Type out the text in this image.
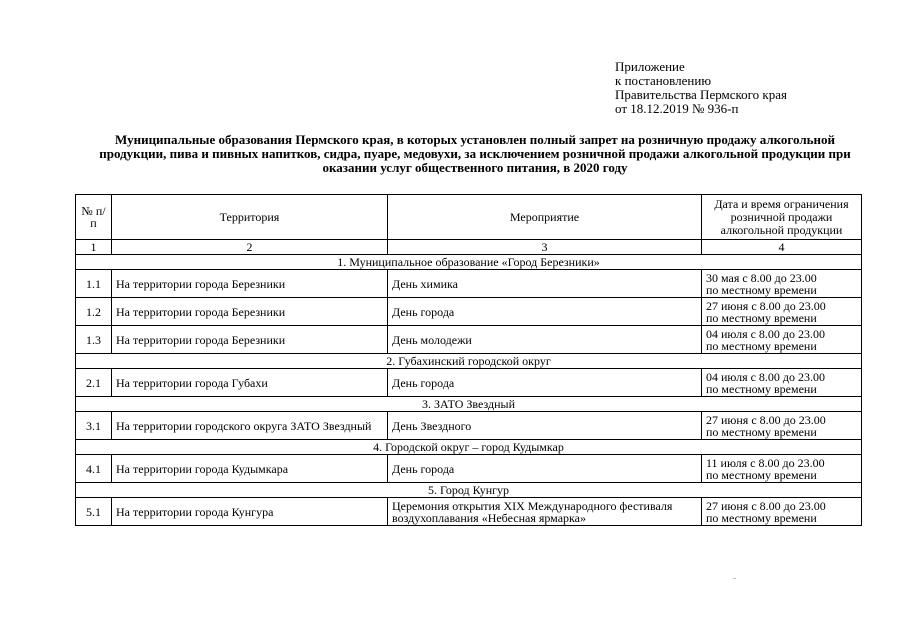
Приложение
к постановлению
Правительства Пермского края
от 18.12.2019 № 936-п
Муниципальные образования Пермского края, в которых установлен полный запрет на розничную продажу алкогольной продукции, пива и пивных напитков, сидра, пуаре, медовухи, за исключением розничной продажи алкогольной продукции при оказании услуг общественного питания, в 2020 году
№ п/п	Территория	Мероприятие	Дата и время ограничения розничной продажи алкогольной продукции
1	2	3	4
1. Муниципальное образование «Город Березники»			
1.1	На территории города Березники	День химика	30 мая с 8.00 до 23.00
по местному времени

1.2	На территории города Березники	День города	27 июня с 8.00 до 23.00
по местному времени

1.3	На территории города Березники	День молодежи	04 июля с 8.00 до 23.00
по местному времени

2. Губахинский городской округ			
2.1	На территории города Губахи	День города	04 июля с 8.00 до 23.00
по местному времени

3. ЗАТО Звездный			
3.1	На территории городского округа ЗАТО Звездный	День Звездного	27 июня с 8.00 до 23.00
по местному времени

4. Городской округ – город Кудымкар			
4.1	На территории города Кудымкара	День города	11 июля с 8.00 до 23.00
по местному времени

5. Город Кунгур			
5.1	На территории города Кунгура	Церемония открытия XIX Международного фестиваля воздухоплавания «Небесная ярмарка»	27 июня с 8.00 до 23.00
по местному времени
